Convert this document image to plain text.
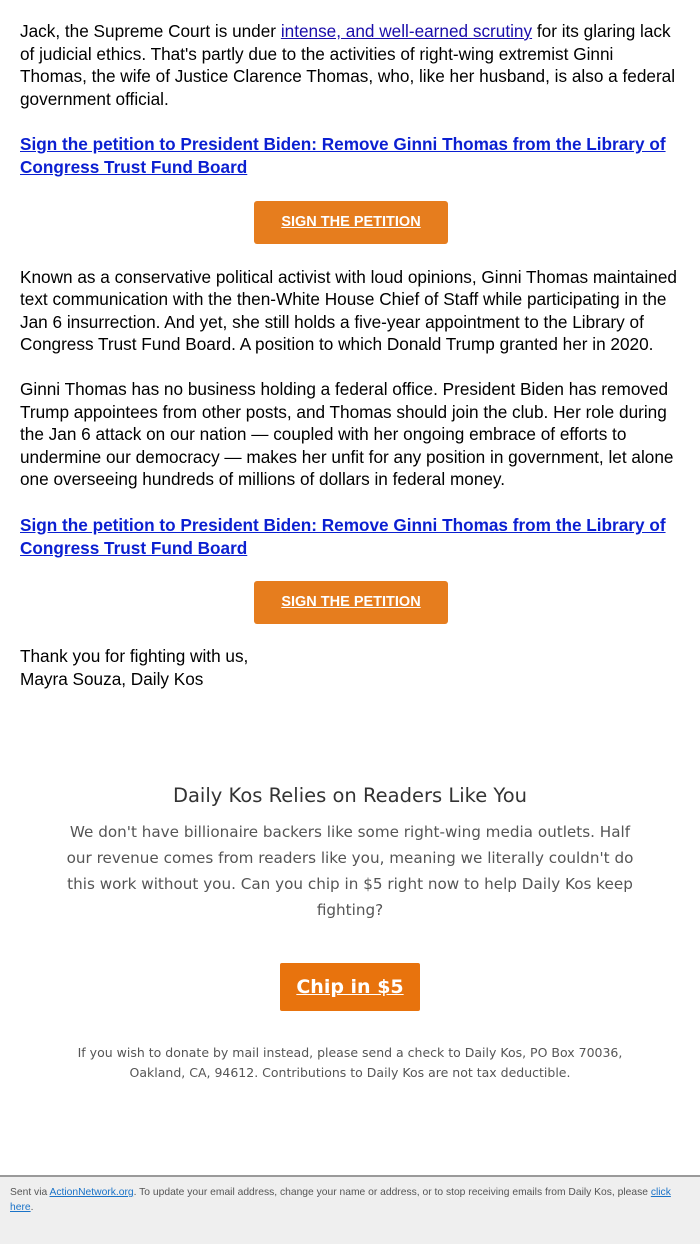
Jack, the Supreme Court is under intense, and well-earned scrutiny for its glaring lack of judicial ethics. That's partly due to the activities of right-wing extremist Ginni Thomas, the wife of Justice Clarence Thomas, who, like her husband, is also a federal government official.

Sign the petition to President Biden: Remove Ginni Thomas from the Library of Congress Trust Fund Board
SIGN THE PETITION

Known as a conservative political activist with loud opinions, Ginni Thomas maintained text communication with the then-White House Chief of Staff while participating in the Jan 6 insurrection. And yet, she still holds a five-year appointment to the Library of Congress Trust Fund Board. A position to which Donald Trump granted her in 2020.

Ginni Thomas has no business holding a federal office. President Biden has removed Trump appointees from other posts, and Thomas should join the club. Her role during the Jan 6 attack on our nation — coupled with her ongoing embrace of efforts to undermine our democracy — makes her unfit for any position in government, let alone one overseeing hundreds of millions of dollars in federal money.

Sign the petition to President Biden: Remove Ginni Thomas from the Library of Congress Trust Fund Board
SIGN THE PETITION

Thank you for fighting with us,
Mayra Souza, Daily Kos

Daily Kos Relies on Readers Like You

We don't have billionaire backers like some right-wing media outlets. Half our revenue comes from readers like you, meaning we literally couldn't do this work without you. Can you chip in $5 right now to help Daily Kos keep fighting?

Chip in $5

If you wish to donate by mail instead, please send a check to Daily Kos, PO Box 70036, Oakland, CA, 94612. Contributions to Daily Kos are not tax deductible.

Sent via ActionNetwork.org. To update your email address, change your name or address, or to stop receiving emails from Daily Kos, please click here.
